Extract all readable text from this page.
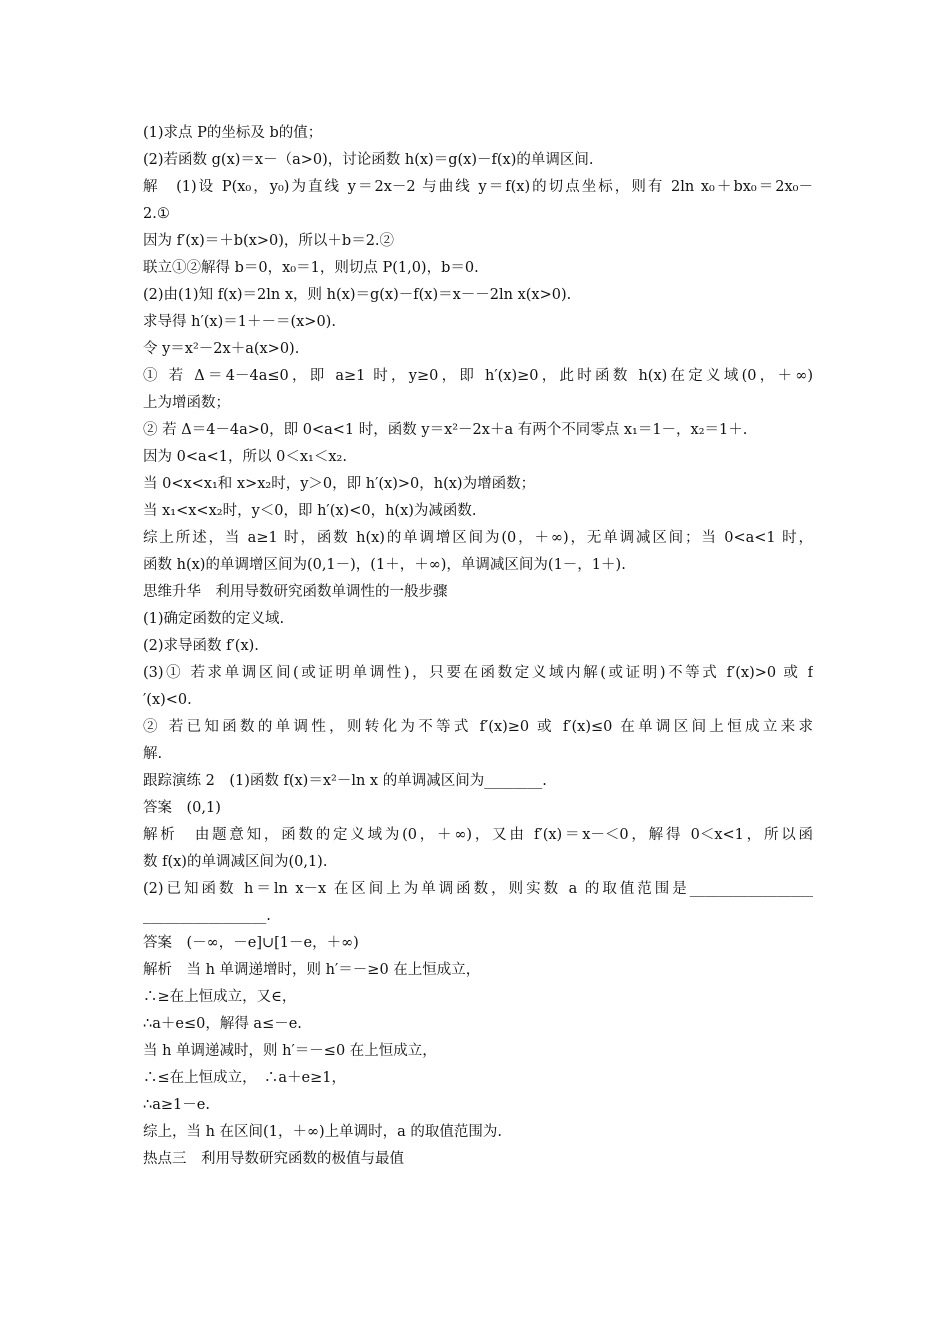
(1)求点 P的坐标及 b的值；
(2)若函数 g(x)＝x－（a>0)，讨论函数 h(x)＝g(x)－f(x)的单调区间.
解　(1)设 P(x₀，y₀)为直线 y＝2x－2 与曲线 y＝f(x)的切点坐标，则有 2ln x₀＋bx₀＝2x₀－
2.①
因为 f′(x)＝＋b(x>0)，所以＋b＝2.②
联立①②解得 b＝0，x₀＝1，则切点 P(1,0)，b＝0.
(2)由(1)知 f(x)＝2ln x，则 h(x)＝g(x)－f(x)＝x－－2ln x(x>0).
求导得 h′(x)＝1＋－＝(x>0).
令 y＝x²－2x＋a(x>0).
① 若 Δ＝4－4a≤0，即 a≥1 时，y≥0，即 h′(x)≥0，此时函数 h(x)在定义域(0，＋∞)
上为增函数；
② 若 Δ＝4－4a>0，即 0<a<1 时，函数 y＝x²－2x＋a 有两个不同零点 x₁＝1－，x₂＝1＋.
因为 0<a<1，所以 0＜x₁＜x₂.
当 0<x<x₁和 x>x₂时，y＞0，即 h′(x)>0，h(x)为增函数；
当 x₁<x<x₂时，y＜0，即 h′(x)<0，h(x)为减函数.
综上所述，当 a≥1 时，函数 h(x)的单调增区间为(0，＋∞)，无单调减区间；当 0<a<1 时，
函数 h(x)的单调增区间为(0,1－)，(1＋，＋∞)，单调减区间为(1－，1＋).
思维升华　利用导数研究函数单调性的一般步骤
(1)确定函数的定义域.
(2)求导函数 f′(x).
(3)① 若求单调区间(或证明单调性)，只要在函数定义域内解(或证明)不等式 f′(x)>0 或 f
′(x)<0.
② 若已知函数的单调性，则转化为不等式 f′(x)≥0 或 f′(x)≤0 在单调区间上恒成立来求
解.
跟踪演练 2　(1)函数 f(x)＝x²－ln x 的单调减区间为________.
答案　(0,1)
解析　由题意知，函数的定义域为(0，＋∞)，又由 f′(x)＝x－＜0，解得 0＜x<1，所以函
数 f(x)的单调减区间为(0,1).
(2)已知函数 h＝ln x－x 在区间上为单调函数，则实数 a 的取值范围是_________________
_________________.
答案　(－∞，－e]∪[1－e，＋∞)
解析　当 h 单调递增时，则 h′＝－≥0 在上恒成立，
∴≥在上恒成立，又∈，
∴a＋e≤0，解得 a≤－e.
当 h 单调递减时，则 h′＝－≤0 在上恒成立，
∴≤在上恒成立，　∴a＋e≥1，
∴a≥1－e.
综上，当 h 在区间(1，＋∞)上单调时，a 的取值范围为.
热点三　利用导数研究函数的极值与最值
